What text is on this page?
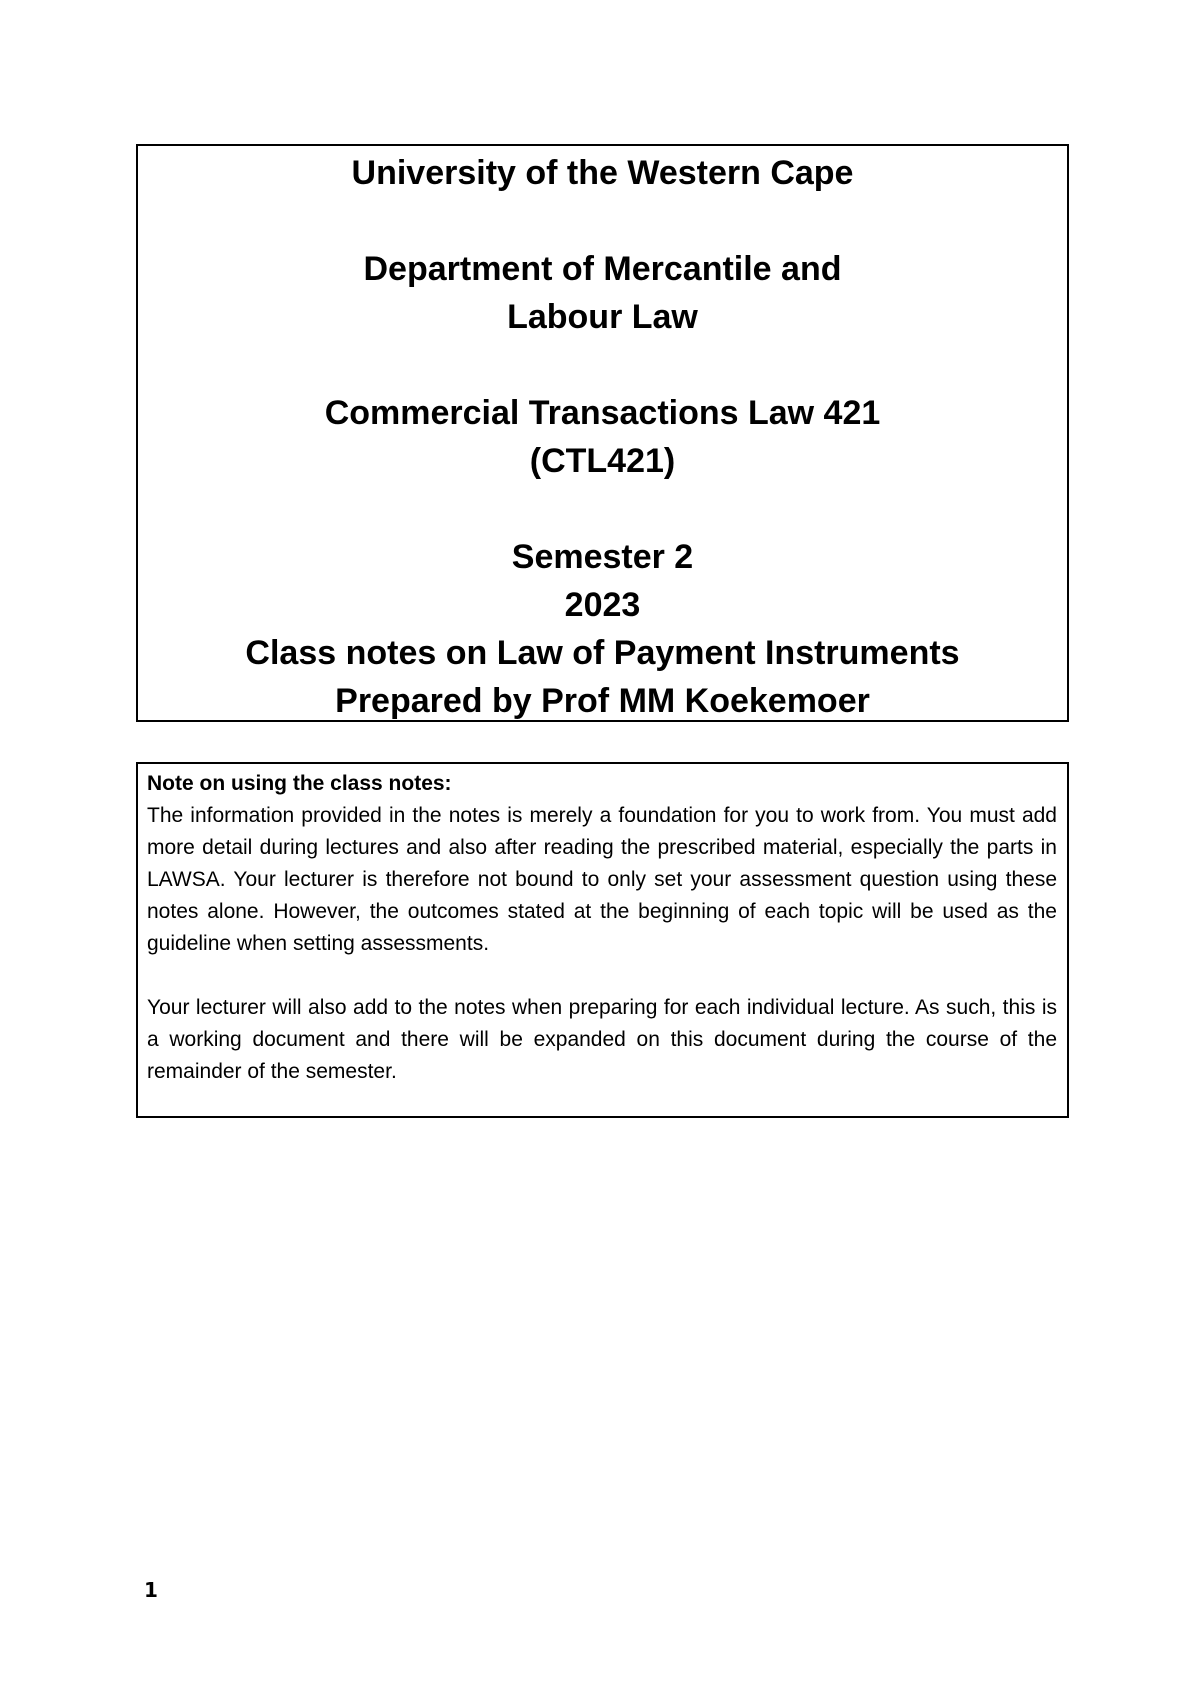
University of the Western Cape
Department of Mercantile and
Labour Law
Commercial Transactions Law 421
(CTL421)
Semester 2
2023
Class notes on Law of Payment Instruments
Prepared by Prof MM Koekemoer
Note on using the class notes:

The information provided in the notes is merely a foundation for you to work from. You must add more detail during lectures and also after reading the prescribed material, especially the parts in LAWSA. Your lecturer is therefore not bound to only set your assessment question using these notes alone. However, the outcomes stated at the beginning of each topic will be used as the guideline when setting assessments.

Your lecturer will also add to the notes when preparing for each individual lecture. As such, this is a working document and there will be expanded on this document during the course of the remainder of the semester.

1
